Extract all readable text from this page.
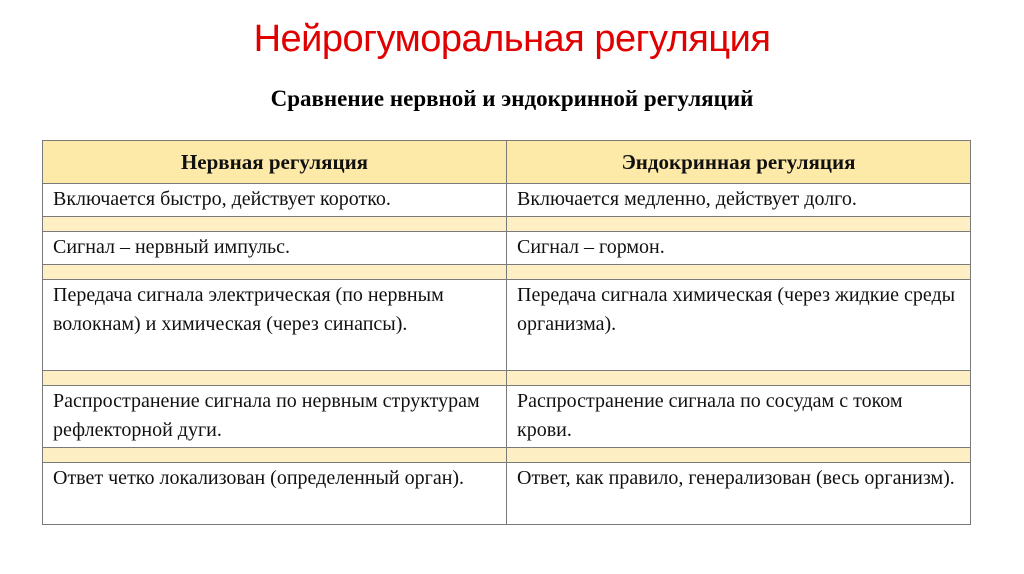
Нейрогуморальная регуляция
Сравнение нервной и эндокринной регуляций
Нервная регуляция	Эндокринная регуляция
Включается быстро, действует коротко.	Включается медленно, действует долго.

Сигнал – нервный импульс.	Сигнал – гормон.

Передача сигнала электрическая (по нервным волокнам) и химическая (через синапсы).	Передача сигнала химическая (через жидкие среды организма).

Распространение сигнала по нервным структурам рефлекторной дуги.	Распространение сигнала по сосудам с током крови.

Ответ четко локализован (определенный орган).	Ответ, как правило, генерализован (весь организм).
